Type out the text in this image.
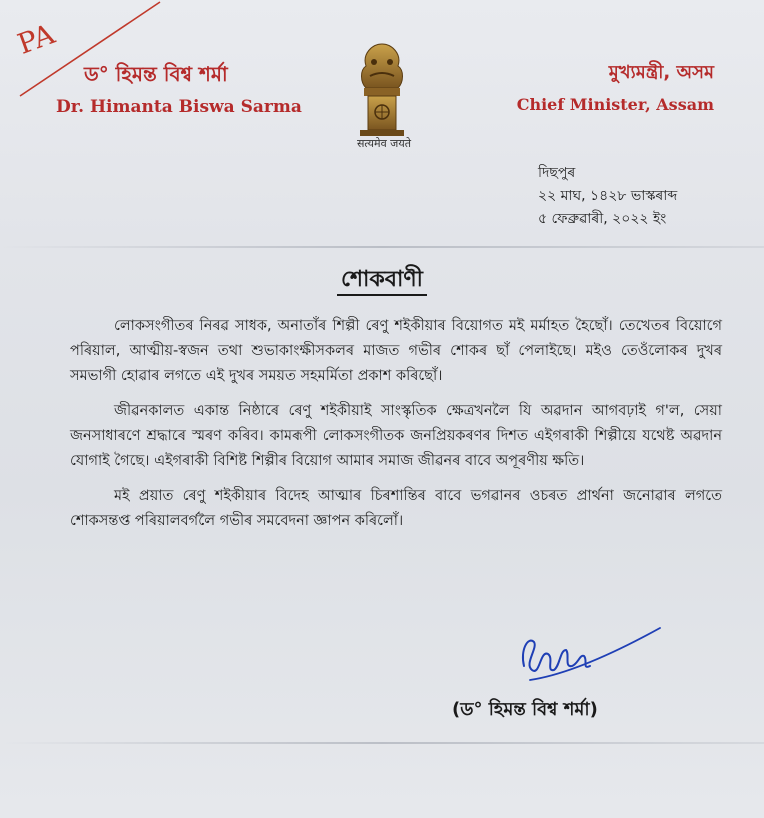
PA
ড° হিমন্ত বিশ্ব শৰ্মা
Dr. Himanta Biswa Sarma
सत्यमेव जयते
মুখ্যমন্ত্ৰী, অসম
Chief Minister, Assam
দিছপুৰ
২২ মাঘ, ১৪২৮ ভাস্কৰাব্দ
৫ ফেব্ৰুৱাৰী, ২০২২ ইং
শোকবাণী

লোকসংগীতৰ নিৰৱ সাধক, অনাতাঁৰ শিল্পী ৰেণু শইকীয়াৰ বিয়োগত মই মৰ্মাহত হৈছোঁ। তেখেতৰ বিয়োগে পৰিয়াল, আত্মীয়-স্বজন তথা শুভাকাংক্ষীসকলৰ মাজত গভীৰ শোকৰ ছাঁ পেলাইছে। মইও তেওঁলোকৰ দুখৰ সমভাগী হোৱাৰ লগতে এই দুখৰ সময়ত সহমৰ্মিতা প্ৰকাশ কৰিছোঁ।

জীৱনকালত একান্ত নিষ্ঠাৰে ৰেণু শইকীয়াই সাংস্কৃতিক ক্ষেত্ৰখনলৈ যি অৱদান আগবঢ়াই গ'ল, সেয়া জনসাধাৰণে শ্ৰদ্ধাৰে স্মৰণ কৰিব। কামৰূপী লোকসংগীতক জনপ্ৰিয়কৰণৰ দিশত এইগৰাকী শিল্পীয়ে যথেষ্ট অৱদান যোগাই গৈছে। এইগৰাকী বিশিষ্ট শিল্পীৰ বিয়োগ আমাৰ সমাজ জীৱনৰ বাবে অপূৰণীয় ক্ষতি।

মই প্ৰয়াত ৰেণু শইকীয়াৰ বিদেহ আত্মাৰ চিৰশান্তিৰ বাবে ভগৱানৰ ওচৰত প্ৰাৰ্থনা জনোৱাৰ লগতে শোকসন্তপ্ত পৰিয়ালবৰ্গলৈ গভীৰ সমবেদনা জ্ঞাপন কৰিলোঁ।

(ড° হিমন্ত বিশ্ব শৰ্মা)
